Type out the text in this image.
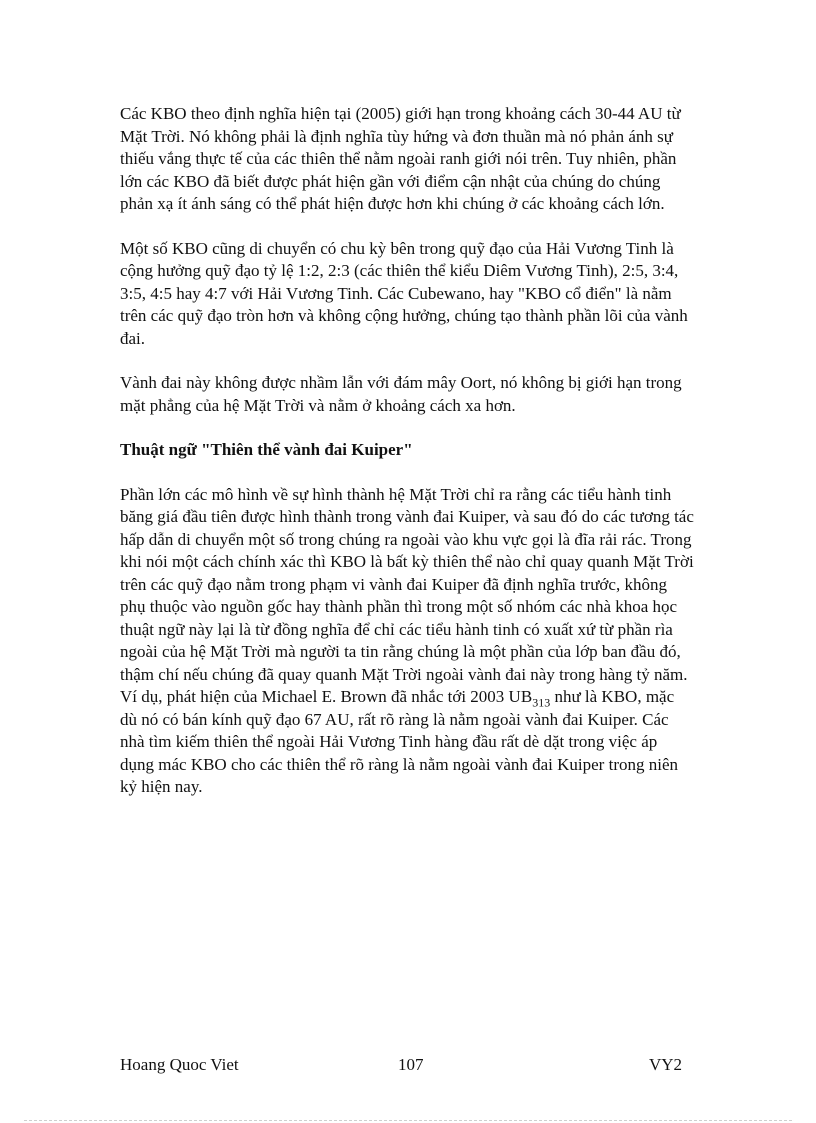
Các KBO theo định nghĩa hiện tại (2005) giới hạn trong khoảng cách 30-44 AU từ Mặt Trời. Nó không phải là định nghĩa tùy hứng và đơn thuần mà nó phản ánh sự thiếu vắng thực tế của các thiên thể nằm ngoài ranh giới nói trên. Tuy nhiên, phần lớn các KBO đã biết được phát hiện gần với điểm cận nhật của chúng do chúng phản xạ ít ánh sáng có thể phát hiện được hơn khi chúng ở các khoảng cách lớn.

Một số KBO cũng di chuyển có chu kỳ bên trong quỹ đạo của Hải Vương Tinh là cộng hưởng quỹ đạo tỷ lệ 1:2, 2:3 (các thiên thể kiểu Diêm Vương Tinh), 2:5, 3:4, 3:5, 4:5 hay 4:7 với Hải Vương Tinh. Các Cubewano, hay "KBO cổ điển" là nằm trên các quỹ đạo tròn hơn và không cộng hưởng, chúng tạo thành phần lõi của vành đai.

Vành đai này không được nhầm lẫn với đám mây Oort, nó không bị giới hạn trong mặt phẳng của hệ Mặt Trời và nằm ở khoảng cách xa hơn.

Thuật ngữ "Thiên thể vành đai Kuiper"

Phần lớn các mô hình về sự hình thành hệ Mặt Trời chỉ ra rằng các tiểu hành tinh băng giá đầu tiên được hình thành trong vành đai Kuiper, và sau đó do các tương tác hấp dẫn di chuyển một số trong chúng ra ngoài vào khu vực gọi là đĩa rải rác. Trong khi nói một cách chính xác thì KBO là bất kỳ thiên thể nào chỉ quay quanh Mặt Trời trên các quỹ đạo nằm trong phạm vi vành đai Kuiper đã định nghĩa trước, không phụ thuộc vào nguồn gốc hay thành phần thì trong một số nhóm các nhà khoa học thuật ngữ này lại là từ đồng nghĩa để chỉ các tiểu hành tinh có xuất xứ từ phần rìa ngoài của hệ Mặt Trời mà người ta tin rằng chúng là một phần của lớp ban đầu đó, thậm chí nếu chúng đã quay quanh Mặt Trời ngoài vành đai này trong hàng tỷ năm. Ví dụ, phát hiện của Michael E. Brown đã nhắc tới 2003 $UB_{313}$ như là KBO, mặc dù nó có bán kính quỹ đạo 67 AU, rất rõ ràng là nằm ngoài vành đai Kuiper. Các nhà tìm kiếm thiên thể ngoài Hải Vương Tinh hàng đầu rất dè dặt trong việc áp dụng mác KBO cho các thiên thể rõ ràng là nằm ngoài vành đai Kuiper trong niên kỷ hiện nay.

Hoang Quoc Viet	107	VY2
